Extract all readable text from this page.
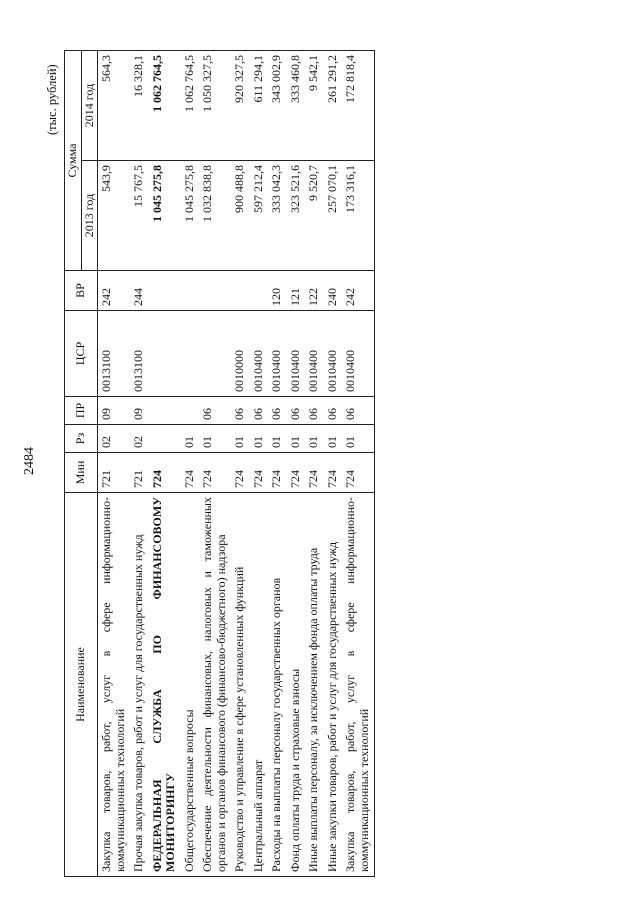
2484
(тыс. рублей)
Наименование	Мин	Рз	ПР	ЦСР	ВР	Сумма	
						2013 год	2014 год
Закупка товаров, работ, услуг в сфере информационно-коммуникационных технологий	721	02	09	0013100	242	543,9	564,3
Прочая закупка товаров, работ и услуг для государственных нужд	721	02	09	0013100	244	15 767,5	16 328,1
ФЕДЕРАЛЬНАЯ СЛУЖБА ПО ФИНАНСОВОМУ МОНИТОРИНГУ	724					1 045 275,8	1 062 764,5
Общегосударственные вопросы	724	01				1 045 275,8	1 062 764,5
Обеспечение деятельности финансовых, налоговых и таможенных органов и органов финансового (финансово-бюджетного) надзора	724	01	06			1 032 838,8	1 050 327,5
Руководство и управление в сфере установленных функций	724	01	06	0010000		900 488,8	920 327,5
Центральный аппарат	724	01	06	0010400		597 212,4	611 294,1
Расходы на выплаты персоналу государственных органов	724	01	06	0010400	120	333 042,3	343 002,9
Фонд оплаты труда и страховые взносы	724	01	06	0010400	121	323 521,6	333 460,8
Иные выплаты персоналу, за исключением фонда оплаты труда	724	01	06	0010400	122	9 520,7	9 542,1
Иные закупки товаров, работ и услуг для государственных нужд	724	01	06	0010400	240	257 070,1	261 291,2
Закупка товаров, работ, услуг в сфере информационно-коммуникационных технологий	724	01	06	0010400	242	173 316,1	172 818,4
